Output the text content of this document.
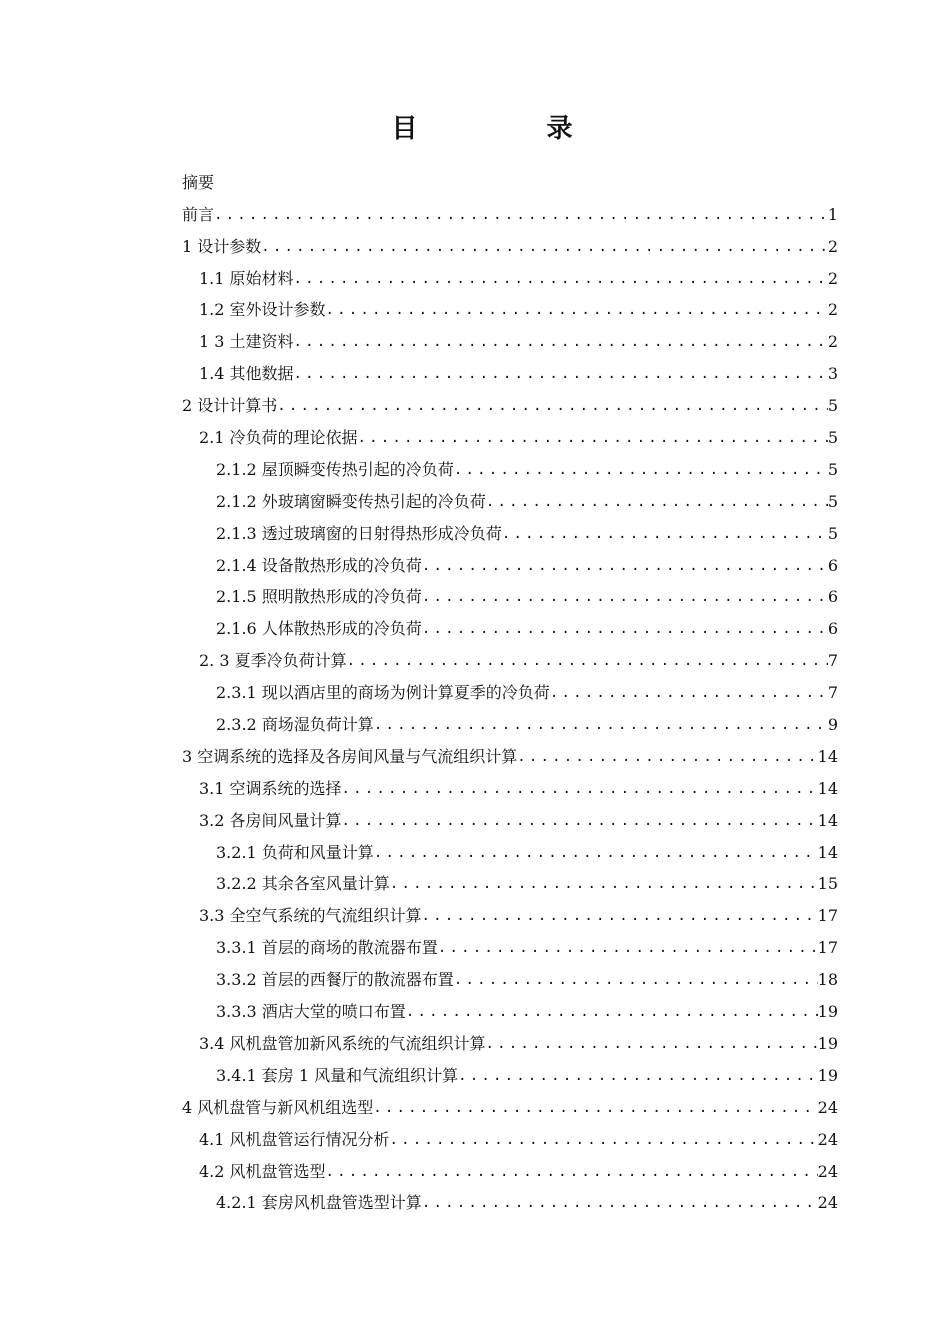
目 录
摘要
前言 .....	1
1 设计参数 .....	2
1.1 原始材料 .....	2
1.2 室外设计参数 .....	2
1 3 土建资料 .....	2
1.4 其他数据 .....	3
2 设计计算书 .....	5
2.1 冷负荷的理论依据 .....	5
2.1.2 屋顶瞬变传热引起的冷负荷 .....	5
2.1.2 外玻璃窗瞬变传热引起的冷负荷 .....	5
2.1.3 透过玻璃窗的日射得热形成冷负荷 .....	5
2.1.4 设备散热形成的冷负荷 .....	6
2.1.5 照明散热形成的冷负荷 .....	6
2.1.6 人体散热形成的冷负荷 .....	6
2. 3 夏季冷负荷计算 .....	7
2.3.1 现以酒店里的商场为例计算夏季的冷负荷 .....	7
2.3.2 商场湿负荷计算 .....	9
3 空调系统的选择及各房间风量与气流组织计算 .....	14
3.1 空调系统的选择 .....	14
3.2 各房间风量计算 .....	14
3.2.1 负荷和风量计算 .....	14
3.2.2 其余各室风量计算 .....	15
3.3 全空气系统的气流组织计算 .....	17
3.3.1 首层的商场的散流器布置 .....	17
3.3.2 首层的西餐厅的散流器布置 .....	18
3.3.3 酒店大堂的喷口布置 .....	19
3.4 风机盘管加新风系统的气流组织计算 .....	19
3.4.1 套房 1 风量和气流组织计算 .....	19
4 风机盘管与新风机组选型 .....	24
4.1 风机盘管运行情况分析 .....	24
4.2 风机盘管选型 .....	24
4.2.1 套房风机盘管选型计算 .....	24
